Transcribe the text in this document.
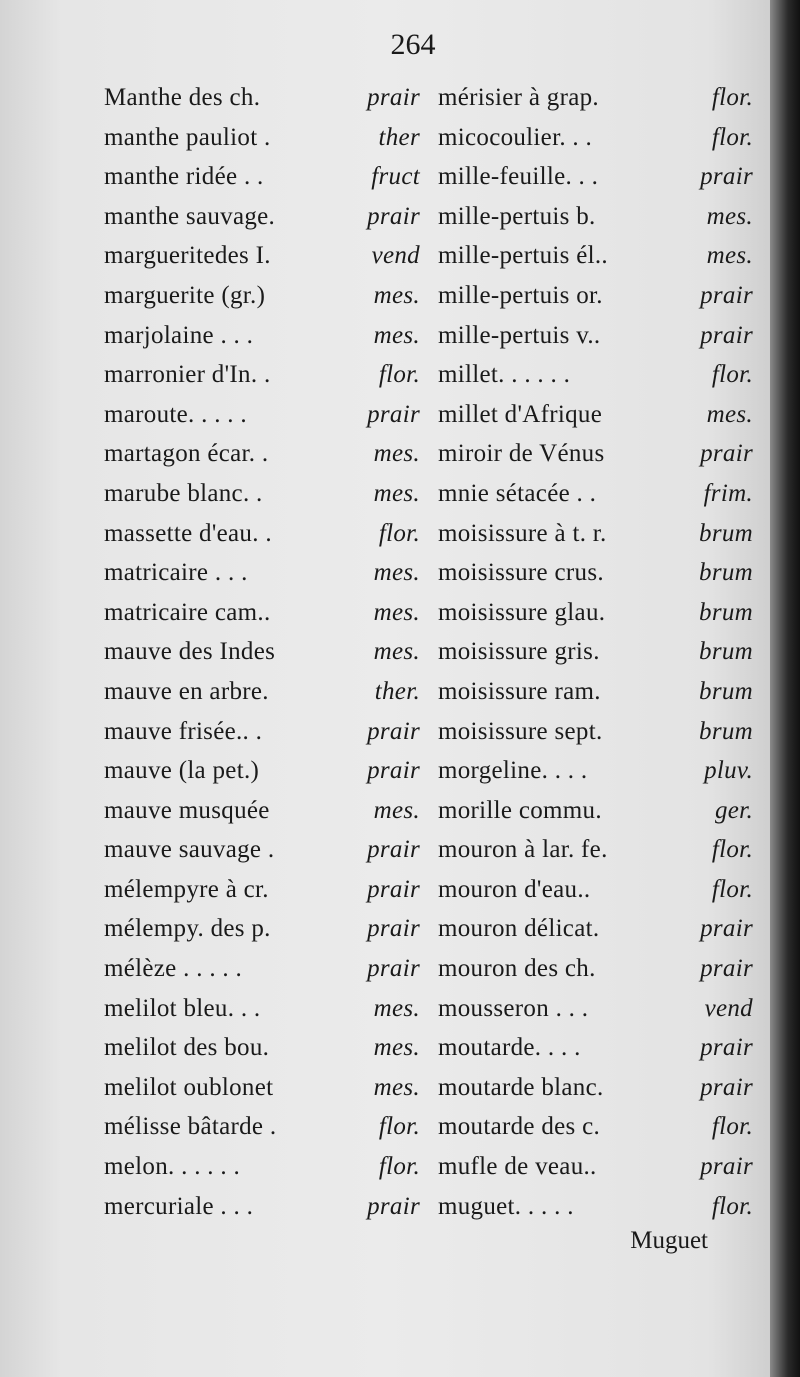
264
Manthe des ch.	prair
manthe pauliot .	ther
manthe ridée . .	fruct
manthe sauvage.	prair
margueritedes I.	vend
marguerite (gr.)	mes.
marjolaine . . .	mes.
marronier d'In. .	flor.
maroute. . . . .	prair
martagon écar. .	mes.
marube blanc. .	mes.
massette d'eau. .	flor.
matricaire . . .	mes.
matricaire cam..	mes.
mauve des Indes	mes.
mauve en arbre.	ther.
mauve frisée.. .	prair
mauve (la pet.)	prair
mauve musquée	mes.
mauve sauvage .	prair
mélempyre à cr.	prair
mélempy. des p.	prair
mélèze . . . . .	prair
melilot bleu. . .	mes.
melilot des bou.	mes.
melilot oublonet	mes.
mélisse bâtarde .	flor.
melon. . . . . .	flor.
mercuriale . . .	prair
mérisier à grap.	flor.
micocoulier. . .	flor.
mille-feuille. . .	prair
mille-pertuis b.	mes.
mille-pertuis él..	mes.
mille-pertuis or.	prair
mille-pertuis v..	prair
millet. . . . . .	flor.
millet d'Afrique	mes.
miroir de Vénus	prair
mnie sétacée . .	frim.
moisissure à t. r.	brum
moisissure crus.	brum
moisissure glau.	brum
moisissure gris.	brum
moisissure ram.	brum
moisissure sept.	brum
morgeline. . . .	pluv.
morille commu.	ger.
mouron à lar. fe.	flor.
mouron d'eau..	flor.
mouron délicat.	prair
mouron des ch.	prair
mousseron . . .	vend
moutarde. . . .	prair
moutarde blanc.	prair
moutarde des c.	flor.
mufle de veau..	prair
muguet. . . . .	flor.
Muguet
